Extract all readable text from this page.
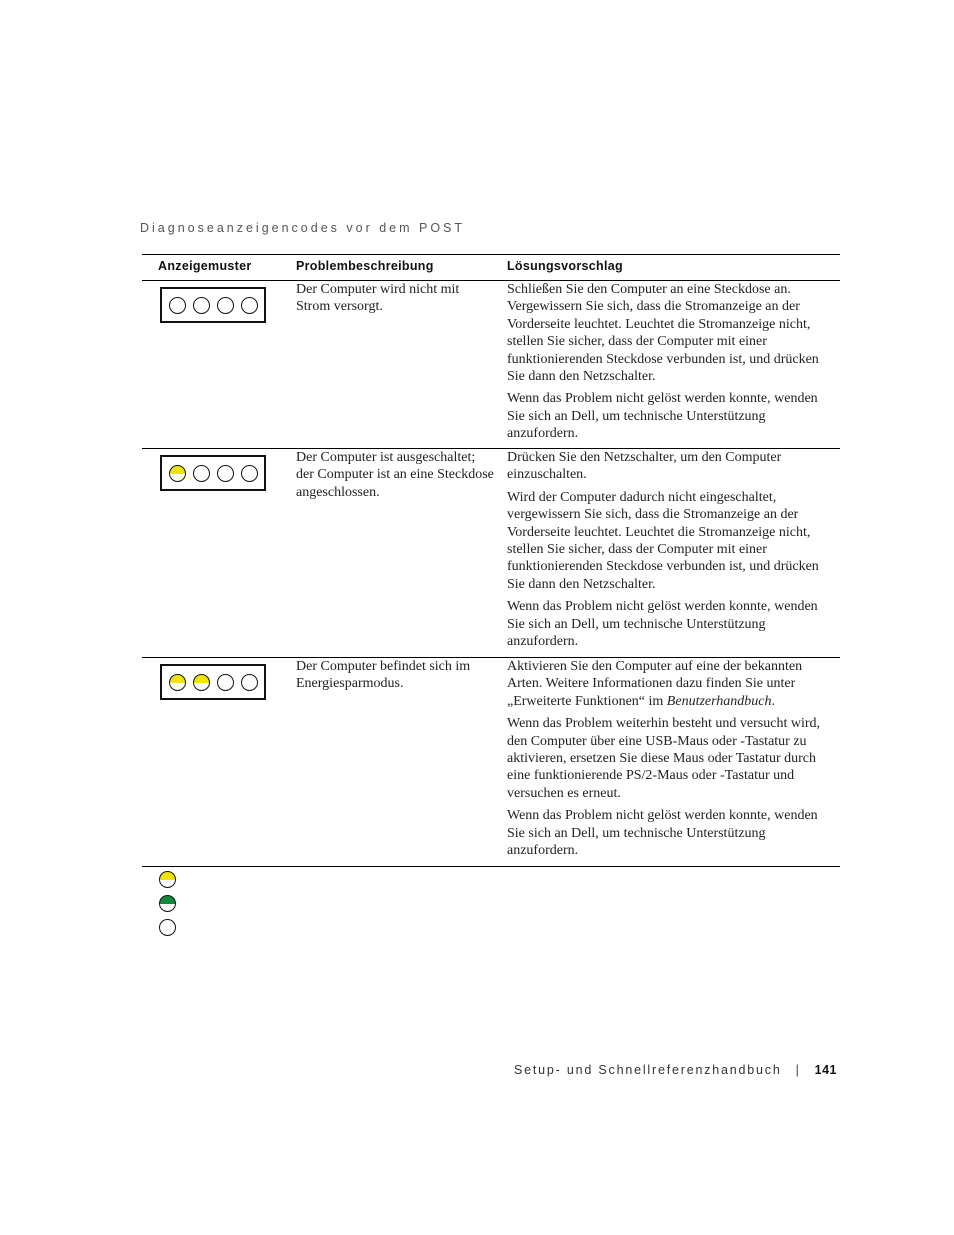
Diagnoseanzeigencodes vor dem POST
Anzeigemuster	Problembeschreibung	Lösungsvorschlag

Der Computer wird nicht mit Strom versorgt.

Schließen Sie den Computer an eine Steckdose an. Vergewissern Sie sich, dass die Stromanzeige an der Vorderseite leuchtet. Leuchtet die Stromanzeige nicht, stellen Sie sicher, dass der Computer mit einer funktionierenden Steckdose verbunden ist, und drücken Sie dann den Netzschalter.

Wenn das Problem nicht gelöst werden konnte, wenden Sie sich an Dell, um technische Unterstützung anzufordern.

Der Computer ist ausgeschaltet; der Computer ist an eine Steckdose angeschlossen.

Drücken Sie den Netzschalter, um den Computer einzuschalten.

Wird der Computer dadurch nicht eingeschaltet, vergewissern Sie sich, dass die Stromanzeige an der Vorderseite leuchtet. Leuchtet die Stromanzeige nicht, stellen Sie sicher, dass der Computer mit einer funktionierenden Steckdose verbunden ist, und drücken Sie dann den Netzschalter.

Wenn das Problem nicht gelöst werden konnte, wenden Sie sich an Dell, um technische Unterstützung anzufordern.

Der Computer befindet sich im Energiesparmodus.

Aktivieren Sie den Computer auf eine der bekannten Arten. Weitere Informationen dazu finden Sie unter „Erweiterte Funktionen“ im Benutzerhandbuch.

Wenn das Problem weiterhin besteht und versucht wird, den Computer über eine USB-Maus oder -Tastatur zu aktivieren, ersetzen Sie diese Maus oder Tastatur durch eine funktionierende PS/2-Maus oder -Tastatur und versuchen es erneut.

Wenn das Problem nicht gelöst werden konnte, wenden Sie sich an Dell, um technische Unterstützung anzufordern.

Setup- und Schnellreferenzhandbuch | 141
